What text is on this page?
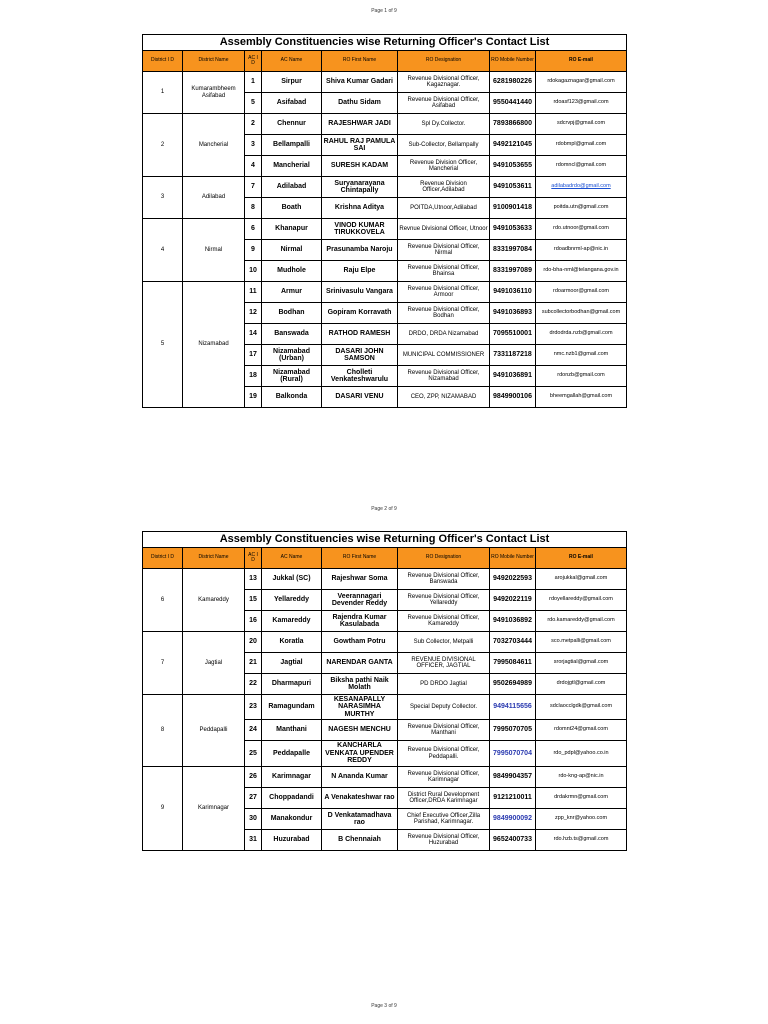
Page 1 of 9
Assembly Constituencies wise Returning Officer's Contact List							
District I D	District Name	AC I D	AC Name	RO First Name	RO Designation	RO Mobile Number	RO E-mail
1	Kumarambheem Asifabad	1	Sirpur	Shiva Kumar Gadari	Revenue Divisional Officer, Kagaznagar.	6281980226	rdokagaznagar@gmail.com
		5	Asifabad	Dathu Sidam	Revenue Divisional Officer, Asifabad	9550441440	rdoasf123@gmail.com
2	Mancherial	2	Chennur	RAJESHWAR JADI	Spl Dy.Collector.	7893866800	sdcrvpj@gmail.com
		3	Bellampalli	RAHUL RAJ PAMULA SAI	Sub-Collector, Bellampally	9492121045	rdobmpl@gmail.com
		4	Mancherial	SURESH KADAM	Revenue Division Officer, Mancherial	9491053655	rdomncl@gmail.com
3	Adilabad	7	Adilabad	Suryanarayana Chintapally	Revenue Division Officer,Adilabad	9491053611	adilabadrdo@gmail.com
		8	Boath	Krishna Aditya	POITDA,Utnoor,Adilabad	9100901418	poitda.utn@gmail.com
4	Nirmal	6	Khanapur	VINOD KUMAR TIRUKKOVELA	Revnue Divisional Officer, Utnoor	9491053633	rdo.utnoor@gmail.com
		9	Nirmal	Prasunamba Naroju	Revenue Divisional Officer, Nirmal	8331997084	rdoadbnrml-ap@nic.in
		10	Mudhole	Raju Elpe	Revenue Divisional Officer, Bhainsa	8331997089	rdo-bha-nml@telangana.gov.in
5	Nizamabad	11	Armur	Srinivasulu Vangara	Revenue Divisional Officer, Armoor	9491036110	rdoarmoor@gmail.com
		12	Bodhan	Gopiram Korravath	Revenue Divisional Officer, Bodhan	9491036893	subcollectorbodhan@gmail.com
		14	Banswada	RATHOD RAMESH	DRDO, DRDA Nizamabad	7095510001	drdodrda.nzb@gmail.com
		17	Nizamabad (Urban)	DASARI JOHN SAMSON	MUNICIPAL COMMISSIONER	7331187218	nmc.nzb1@gmail.com
		18	Nizamabad (Rural)	Cholleti Venkateshwarulu	Revenue Divisional Officer, Nizamabad	9491036891	rdonzb@gmail.com
		19	Balkonda	DASARI VENU	CEO, ZPP, NIZAMABAD	9849900106	bheemgallah@gmail.com
Page 2 of 9
Assembly Constituencies wise Returning Officer's Contact List							
District I D	District Name	AC I D	AC Name	RO First Name	RO Designation	RO Mobile Number	RO E-mail
6	Kamareddy	13	Jukkal (SC)	Rajeshwar Soma	Revenue Divisional Officer, Banswada	9492022593	arojukkal@gmail.com
		15	Yellareddy	Veerannagari Devender Reddy	Revenue Divisional Officer, Yellareddy	9492022119	rdoyellareddy@gmail.com
		16	Kamareddy	Rajendra Kumar Kasulabada	Revenue Divisional Officer, Kamareddy	9491036892	rdo.kamareddy@gmail.com
7	Jagtial	20	Koratla	Gowtham Potru	Sub Collector, Metpalli	7032703444	sco.metpalli@gmail.com
		21	Jagtial	NARENDAR GANTA	REVENUE DIVISIONAL OFFICER, JAGTIAL	7995084611	srorjagtial@gmail.com
		22	Dharmapuri	Biksha pathi Naik Molath	PD DRDO Jagtial	9502694989	drdojgtl@gmail.com
8	Peddapalli	23	Ramagundam	KESANAPALLY NARASIMHA MURTHY	Special Deputy Collector.	9494115656	sdclaocclgdk@gmail.com
		24	Manthani	NAGESH MENCHU	Revenue Divisional Officer, Manthani	7995070705	rdomnt24@gmail.com
		25	Peddapalle	KANCHARLA VENKATA UPENDER REDDY	Revenue Divisional Officer, Peddapalli.	7995070704	rdo_pdpl@yahoo.co.in
9	Karimnagar	26	Karimnagar	N Ananda Kumar	Revenue Divisional Officer, Karimnagar	9849904357	rdo-kng-ap@nic.in
		27	Choppadandi	A Venakateshwar rao	District Rural Development Officer,DRDA Karimnagar	9121210011	drdakrmn@gmail.com
		30	Manakondur	D Venkatamadhava rao	Chief Executive Officer,Zilla Parishad, Karimnagar.	9849900092	zpp_knr@yahoo.com
		31	Huzurabad	B Chennaiah	Revenue Divisional Officer, Huzurabad	9652400733	rdo.hzb.ts@gmail.com
Page 3 of 9
